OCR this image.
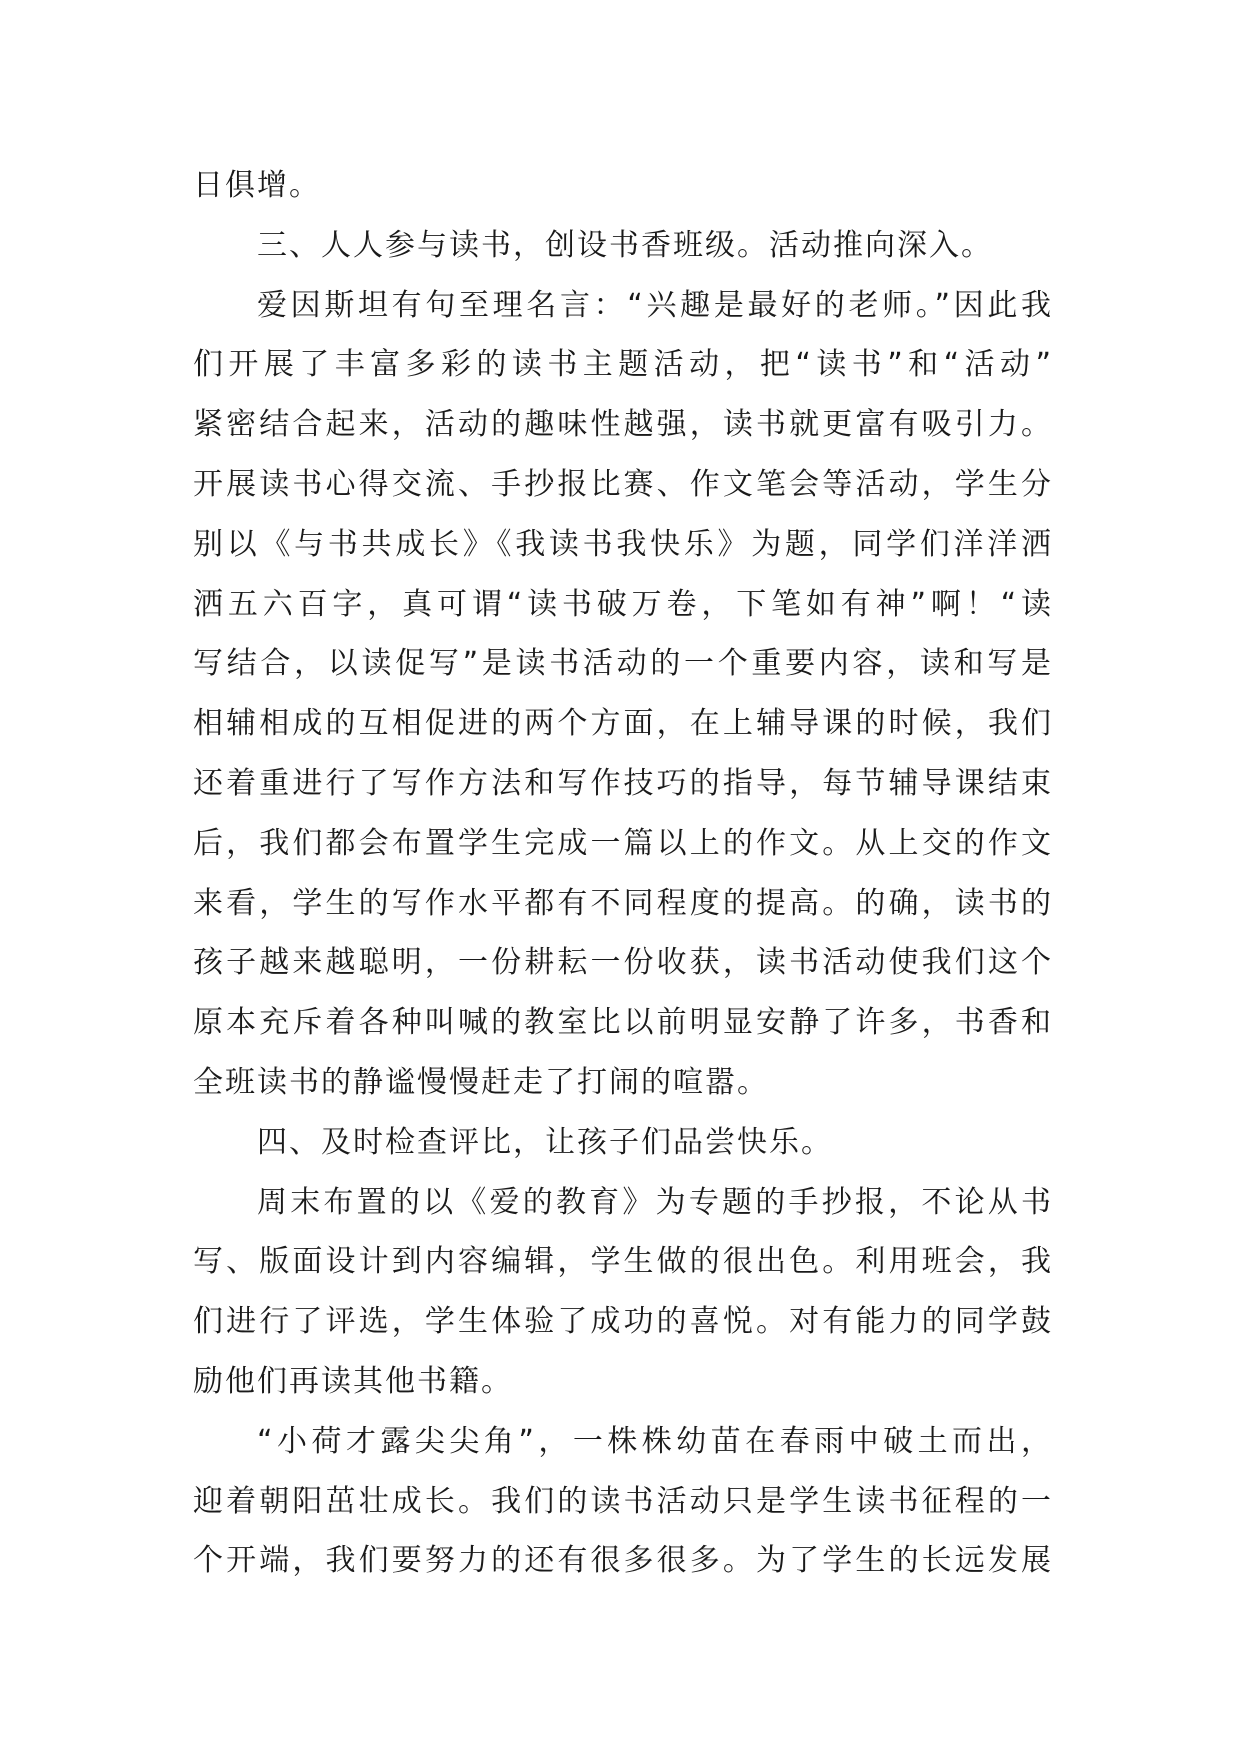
日俱增。
三、人人参与读书，创设书香班级。活动推向深入。
爱因斯坦有句至理名言：“兴趣是最好的老师。”因此我
们开展了丰富多彩的读书主题活动，把“读书”和“活动”
紧密结合起来，活动的趣味性越强，读书就更富有吸引力。
开展读书心得交流、手抄报比赛、作文笔会等活动，学生分
别以《与书共成长》《我读书我快乐》为题，同学们洋洋洒
洒五六百字，真可谓“读书破万卷，下笔如有神”啊！“读
写结合，以读促写”是读书活动的一个重要内容，读和写是
相辅相成的互相促进的两个方面，在上辅导课的时候，我们
还着重进行了写作方法和写作技巧的指导，每节辅导课结束
后，我们都会布置学生完成一篇以上的作文。从上交的作文
来看，学生的写作水平都有不同程度的提高。的确，读书的
孩子越来越聪明，一份耕耘一份收获，读书活动使我们这个
原本充斥着各种叫喊的教室比以前明显安静了许多，书香和
全班读书的静谧慢慢赶走了打闹的喧嚣。
四、及时检查评比，让孩子们品尝快乐。
周末布置的以《爱的教育》为专题的手抄报，不论从书
写、版面设计到内容编辑，学生做的很出色。利用班会，我
们进行了评选，学生体验了成功的喜悦。对有能力的同学鼓
励他们再读其他书籍。
“小荷才露尖尖角”，一株株幼苗在春雨中破土而出，
迎着朝阳茁壮成长。我们的读书活动只是学生读书征程的一
个开端，我们要努力的还有很多很多。为了学生的长远发展
